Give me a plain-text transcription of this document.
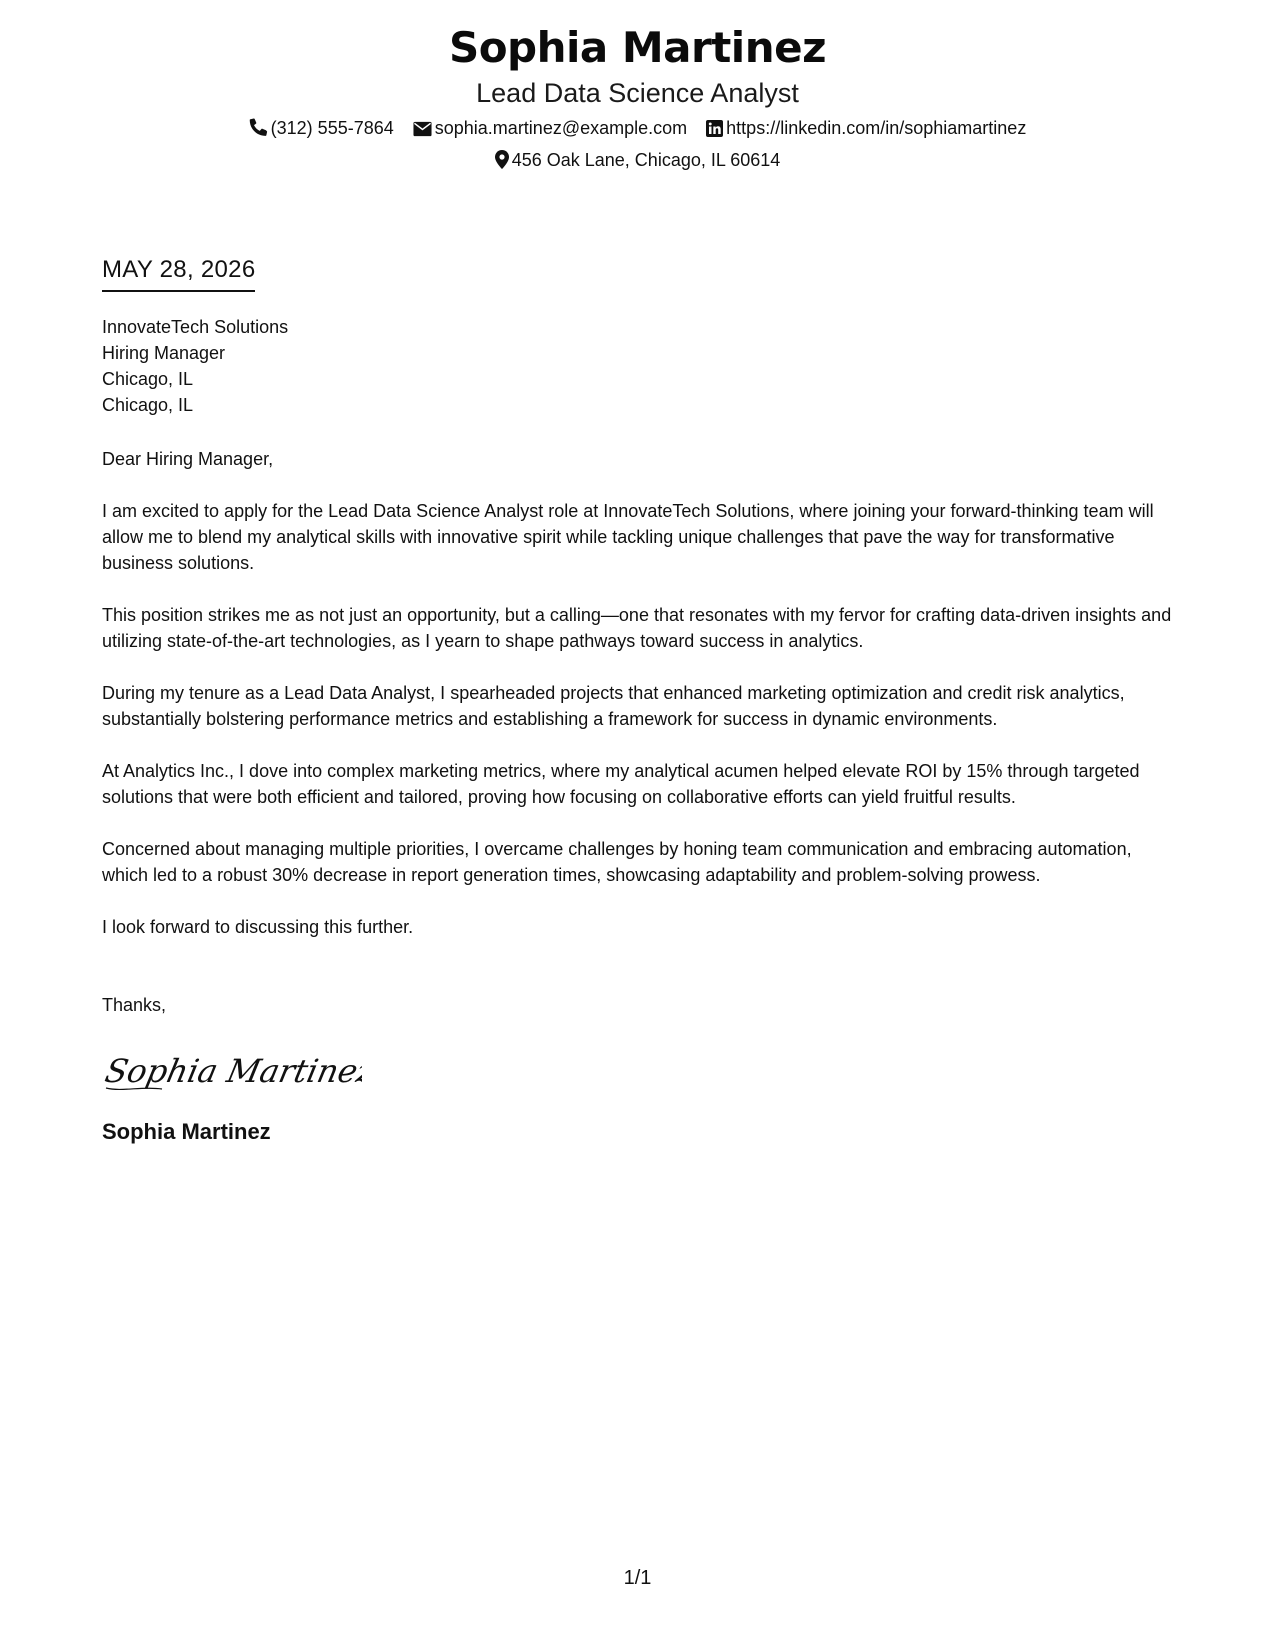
Sophia Martinez
Lead Data Science Analyst
(312) 555-7864 sophia.martinez@example.com https://linkedin.com/in/sophiamartinez
456 Oak Lane, Chicago, IL 60614
MAY 28, 2026
InnovateTech Solutions
Hiring Manager
Chicago, IL
Chicago, IL
Dear Hiring Manager,
I am excited to apply for the Lead Data Science Analyst role at InnovateTech Solutions, where joining your forward-thinking team will allow me to blend my analytical skills with innovative spirit while tackling unique challenges that pave the way for transformative business solutions.
This position strikes me as not just an opportunity, but a calling—one that resonates with my fervor for crafting data-driven insights and utilizing state-of-the-art technologies, as I yearn to shape pathways toward success in analytics.
During my tenure as a Lead Data Analyst, I spearheaded projects that enhanced marketing optimization and credit risk analytics, substantially bolstering performance metrics and establishing a framework for success in dynamic environments.
At Analytics Inc., I dove into complex marketing metrics, where my analytical acumen helped elevate ROI by 15% through targeted solutions that were both efficient and tailored, proving how focusing on collaborative efforts can yield fruitful results.
Concerned about managing multiple priorities, I overcame challenges by honing team communication and embracing automation, which led to a robust 30% decrease in report generation times, showcasing adaptability and problem-solving prowess.
I look forward to discussing this further.
Thanks,
Sophia Martinez
Sophia Martinez
1/1
